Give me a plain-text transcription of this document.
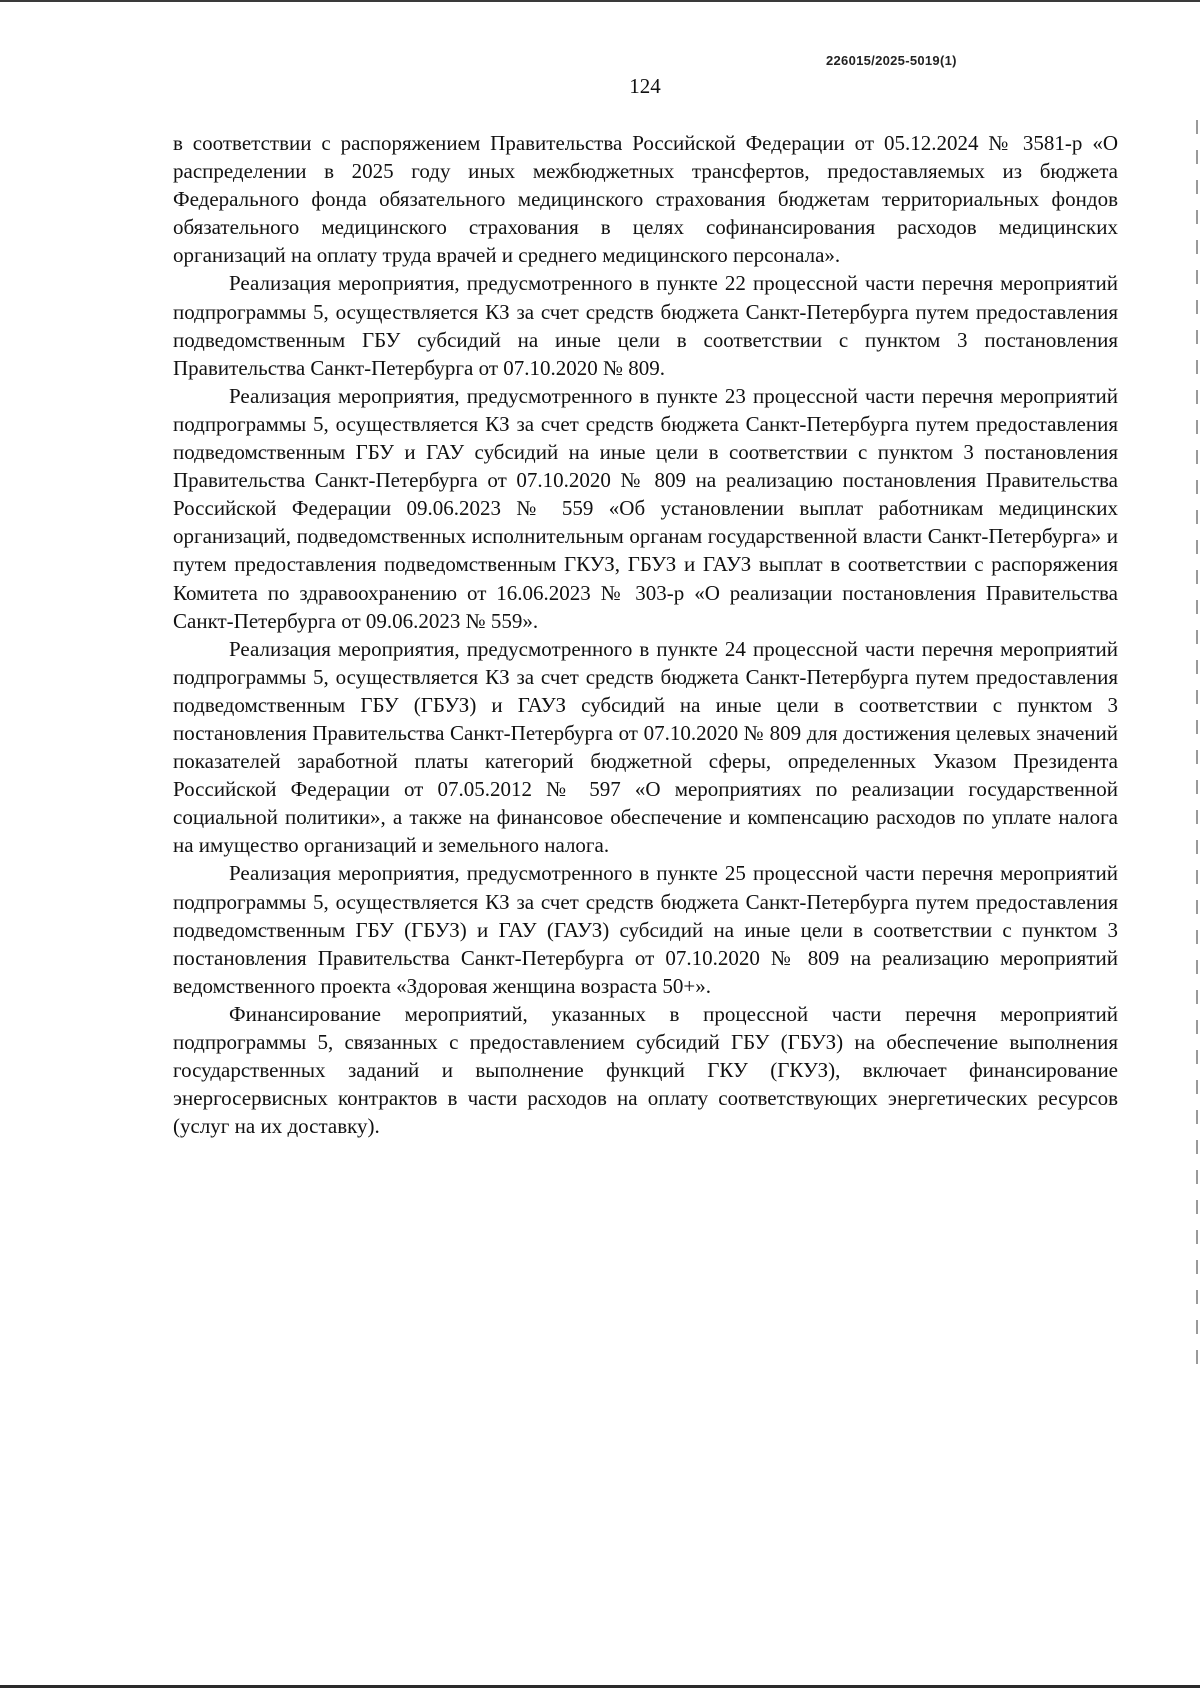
226015/2025-5019(1)
124

в соответствии с распоряжением Правительства Российской Федерации от 05.12.2024 № 3581-р «О распределении в 2025 году иных межбюджетных трансфертов, предоставляемых из бюджета Федерального фонда обязательного медицинского страхования бюджетам территориальных фондов обязательного медицинского страхования в целях софинансирования расходов медицинских организаций на оплату труда врачей и среднего медицинского персонала».

Реализация мероприятия, предусмотренного в пункте 22 процессной части перечня мероприятий подпрограммы 5, осуществляется КЗ за счет средств бюджета Санкт-Петербурга путем предоставления подведомственным ГБУ субсидий на иные цели в соответствии с пунктом 3 постановления Правительства Санкт-Петербурга от 07.10.2020 № 809.

Реализация мероприятия, предусмотренного в пункте 23 процессной части перечня мероприятий подпрограммы 5, осуществляется КЗ за счет средств бюджета Санкт-Петербурга путем предоставления подведомственным ГБУ и ГАУ субсидий на иные цели в соответствии с пунктом 3 постановления Правительства Санкт-Петербурга от 07.10.2020 № 809 на реализацию постановления Правительства Российской Федерации 09.06.2023 № 559 «Об установлении выплат работникам медицинских организаций, подведомственных исполнительным органам государственной власти Санкт-Петербурга» и путем предоставления подведомственным ГКУЗ, ГБУЗ и ГАУЗ выплат в соответствии с распоряжения Комитета по здравоохранению от 16.06.2023 № 303-р «О реализации постановления Правительства Санкт-Петербурга от 09.06.2023 № 559».

Реализация мероприятия, предусмотренного в пункте 24 процессной части перечня мероприятий подпрограммы 5, осуществляется КЗ за счет средств бюджета Санкт-Петербурга путем предоставления подведомственным ГБУ (ГБУЗ) и ГАУЗ субсидий на иные цели в соответствии с пунктом 3 постановления Правительства Санкт-Петербурга от 07.10.2020 № 809 для достижения целевых значений показателей заработной платы категорий бюджетной сферы, определенных Указом Президента Российской Федерации от 07.05.2012 № 597 «О мероприятиях по реализации государственной социальной политики», а также на финансовое обеспечение и компенсацию расходов по уплате налога на имущество организаций и земельного налога.

Реализация мероприятия, предусмотренного в пункте 25 процессной части перечня мероприятий подпрограммы 5, осуществляется КЗ за счет средств бюджета Санкт-Петербурга путем предоставления подведомственным ГБУ (ГБУЗ) и ГАУ (ГАУЗ) субсидий на иные цели в соответствии с пунктом 3 постановления Правительства Санкт-Петербурга от 07.10.2020 № 809 на реализацию мероприятий ведомственного проекта «Здоровая женщина возраста 50+».

Финансирование мероприятий, указанных в процессной части перечня мероприятий подпрограммы 5, связанных с предоставлением субсидий ГБУ (ГБУЗ) на обеспечение выполнения государственных заданий и выполнение функций ГКУ (ГКУЗ), включает финансирование энергосервисных контрактов в части расходов на оплату соответствующих энергетических ресурсов (услуг на их доставку).
